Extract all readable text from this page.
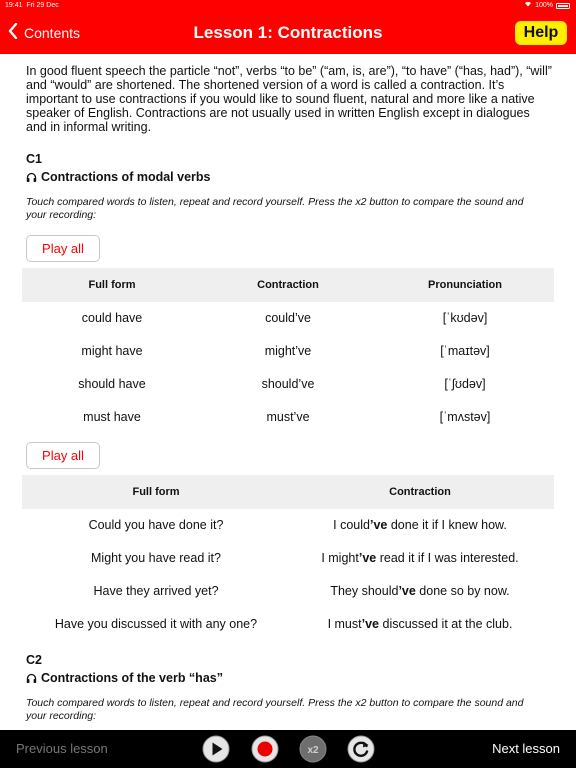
19:41 Fri 29 Dec	100%
Contents	Lesson 1: Contractions	Help

In good fluent speech the particle “not”, verbs “to be” (“am, is, are”), “to have” (“has, had”), “will” and “would” are shortened. The shortened version of a word is called a contraction. It’s important to use contractions if you would like to sound fluent, natural and more like a native speaker of English. Contractions are not usually used in written English except in dialogues and in informal writing.

C1
Contractions of modal verbs

Touch compared words to listen, repeat and record yourself. Press the x2 button to compare the sound and your recording:

Play all
Full form	Contraction	Pronunciation
could have	could’ve	[ˈkʊdəv]
might have	might’ve	[ˈmaɪtəv]
should have	should’ve	[ˈʃʊdəv]
must have	must’ve	[ˈmʌstəv]
Play all
Full form	Contraction
Could you have done it?	I could’ve done it if I knew how.
Might you have read it?	I might’ve read it if I was interested.
Have they arrived yet?	They should’ve done so by now.
Have you discussed it with any one?	I must’ve discussed it at the club.
C2
Contractions of the verb “has”

Touch compared words to listen, repeat and record yourself. Press the x2 button to compare the sound and your recording:

Previous lesson	x2	Next lesson
